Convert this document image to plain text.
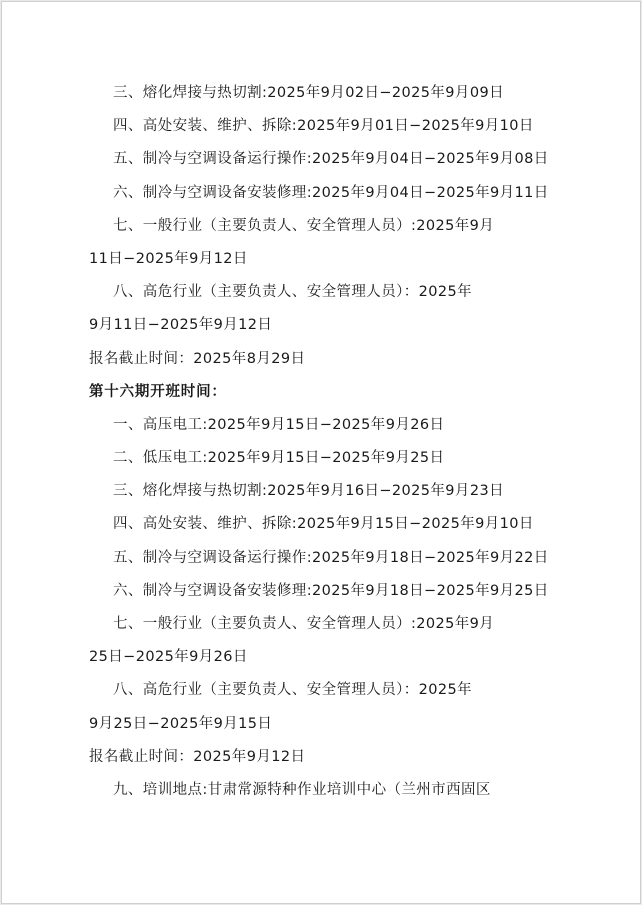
三、熔化焊接与热切割:2025年9月02日−2025年9月09日
四、高处安装、维护、拆除:2025年9月01日−2025年9月10日
五、制冷与空调设备运行操作:2025年9月04日−2025年9月08日
六、制冷与空调设备安装修理:2025年9月04日−2025年9月11日
七、一般行业（主要负责人、安全管理人员）:2025年9月
11日−2025年9月12日
八、高危行业（主要负责人、安全管理人员）：2025年
9月11日−2025年9月12日
报名截止时间：2025年8月29日
第十六期开班时间：
一、高压电工:2025年9月15日−2025年9月26日
二、低压电工:2025年9月15日−2025年9月25日
三、熔化焊接与热切割:2025年9月16日−2025年9月23日
四、高处安装、维护、拆除:2025年9月15日−2025年9月10日
五、制冷与空调设备运行操作:2025年9月18日−2025年9月22日
六、制冷与空调设备安装修理:2025年9月18日−2025年9月25日
七、一般行业（主要负责人、安全管理人员）:2025年9月
25日−2025年9月26日
八、高危行业（主要负责人、安全管理人员）：2025年
9月25日−2025年9月15日
报名截止时间：2025年9月12日
九、培训地点:甘肃常源特种作业培训中心（兰州市西固区
